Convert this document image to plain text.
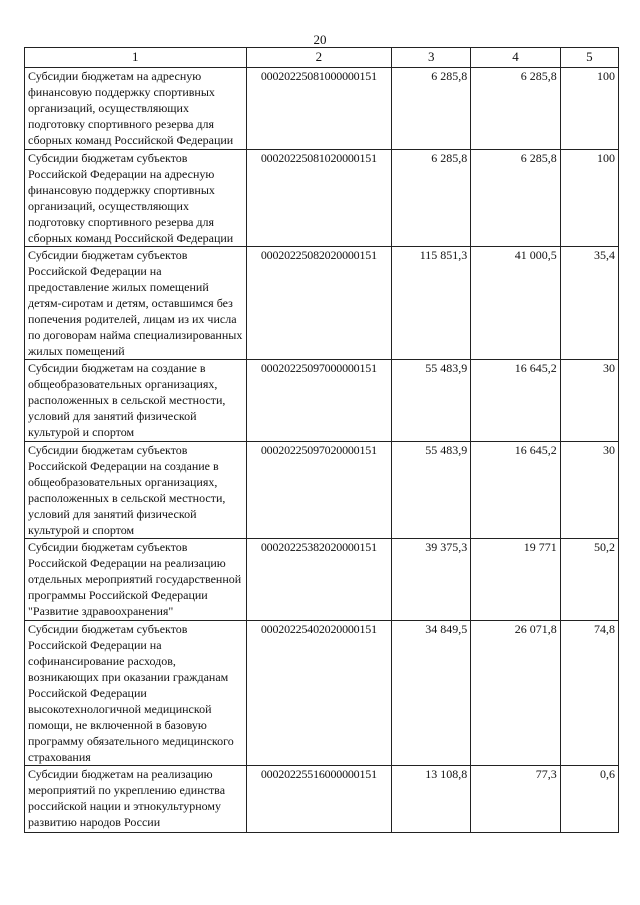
20
1	2	3	4	5
Субсидии бюджетам на адресную финансовую поддержку спортивных организаций, осуществляющих подготовку спортивного резерва для сборных команд Российской Федерации	00020225081000000151	6 285,8	6 285,8	100
Субсидии бюджетам субъектов Российской Федерации на адресную финансовую поддержку спортивных организаций, осуществляющих подготовку спортивного резерва для сборных команд Российской Федерации	00020225081020000151	6 285,8	6 285,8	100
Субсидии бюджетам субъектов Российской Федерации на предоставление жилых помещений детям-сиротам и детям, оставшимся без попечения родителей, лицам из их числа по договорам найма специализированных жилых помещений	00020225082020000151	115 851,3	41 000,5	35,4
Субсидии бюджетам на создание в общеобразовательных организациях, расположенных в сельской местности, условий для занятий физической культурой и спортом	00020225097000000151	55 483,9	16 645,2	30
Субсидии бюджетам субъектов Российской Федерации на создание в общеобразовательных организациях, расположенных в сельской местности, условий для занятий физической культурой и спортом	00020225097020000151	55 483,9	16 645,2	30
Субсидии бюджетам субъектов Российской Федерации на реализацию отдельных мероприятий государственной программы Российской Федерации "Развитие здравоохранения"	00020225382020000151	39 375,3	19 771	50,2
Субсидии бюджетам субъектов Российской Федерации на софинансирование расходов, возникающих при оказании гражданам Российской Федерации высокотехнологичной медицинской помощи, не включенной в базовую программу обязательного медицинского страхования	00020225402020000151	34 849,5	26 071,8	74,8
Субсидии бюджетам на реализацию мероприятий по укреплению единства российской нации и этнокультурному развитию народов России	00020225516000000151	13 108,8	77,3	0,6
